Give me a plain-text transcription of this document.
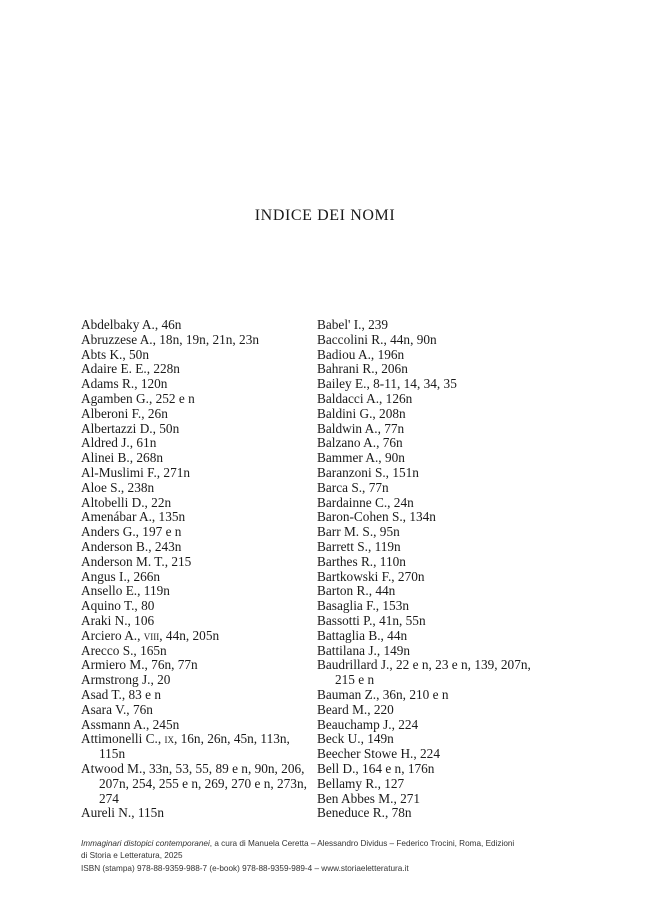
INDICE DEI NOMI
Abdelbaky A., 46n
Abruzzese A., 18n, 19n, 21n, 23n
Abts K., 50n
Adaire E. E., 228n
Adams R., 120n
Agamben G., 252 e n
Alberoni F., 26n
Albertazzi D., 50n
Aldred J., 61n
Alinei B., 268n
Al-Muslimi F., 271n
Aloe S., 238n
Altobelli D., 22n
Amenábar A., 135n
Anders G., 197 e n
Anderson B., 243n
Anderson M. T., 215
Angus I., 266n
Ansello E., 119n
Aquino T., 80
Araki N., 106
Arciero A., viii, 44n, 205n
Arecco S., 165n
Armiero M., 76n, 77n
Armstrong J., 20
Asad T., 83 e n
Asara V., 76n
Assmann A., 245n
Attimonelli C., ix, 16n, 26n, 45n, 113n, 115n
Atwood M., 33n, 53, 55, 89 e n, 90n, 206, 207n, 254, 255 e n, 269, 270 e n, 273n, 274
Aureli N., 115n
Babel' I., 239
Baccolini R., 44n, 90n
Badiou A., 196n
Bahrani R., 206n
Bailey E., 8-11, 14, 34, 35
Baldacci A., 126n
Baldini G., 208n
Baldwin A., 77n
Balzano A., 76n
Bammer A., 90n
Baranzoni S., 151n
Barca S., 77n
Bardainne C., 24n
Baron-Cohen S., 134n
Barr M. S., 95n
Barrett S., 119n
Barthes R., 110n
Bartkowski F., 270n
Barton R., 44n
Basaglia F., 153n
Bassotti P., 41n, 55n
Battaglia B., 44n
Battilana J., 149n
Baudrillard J., 22 e n, 23 e n, 139, 207n, 215 e n
Bauman Z., 36n, 210 e n
Beard M., 220
Beauchamp J., 224
Beck U., 149n
Beecher Stowe H., 224
Bell D., 164 e n, 176n
Bellamy R., 127
Ben Abbes M., 271
Beneduce R., 78n
Immaginari distopici contemporanei, a cura di Manuela Ceretta – Alessandro Dividus – Federico Trocini, Roma, Edizioni
di Storia e Letteratura, 2025
ISBN (stampa) 978-88-9359-988-7 (e-book) 978-88-9359-989-4 – www.storiaeletteratura.it
